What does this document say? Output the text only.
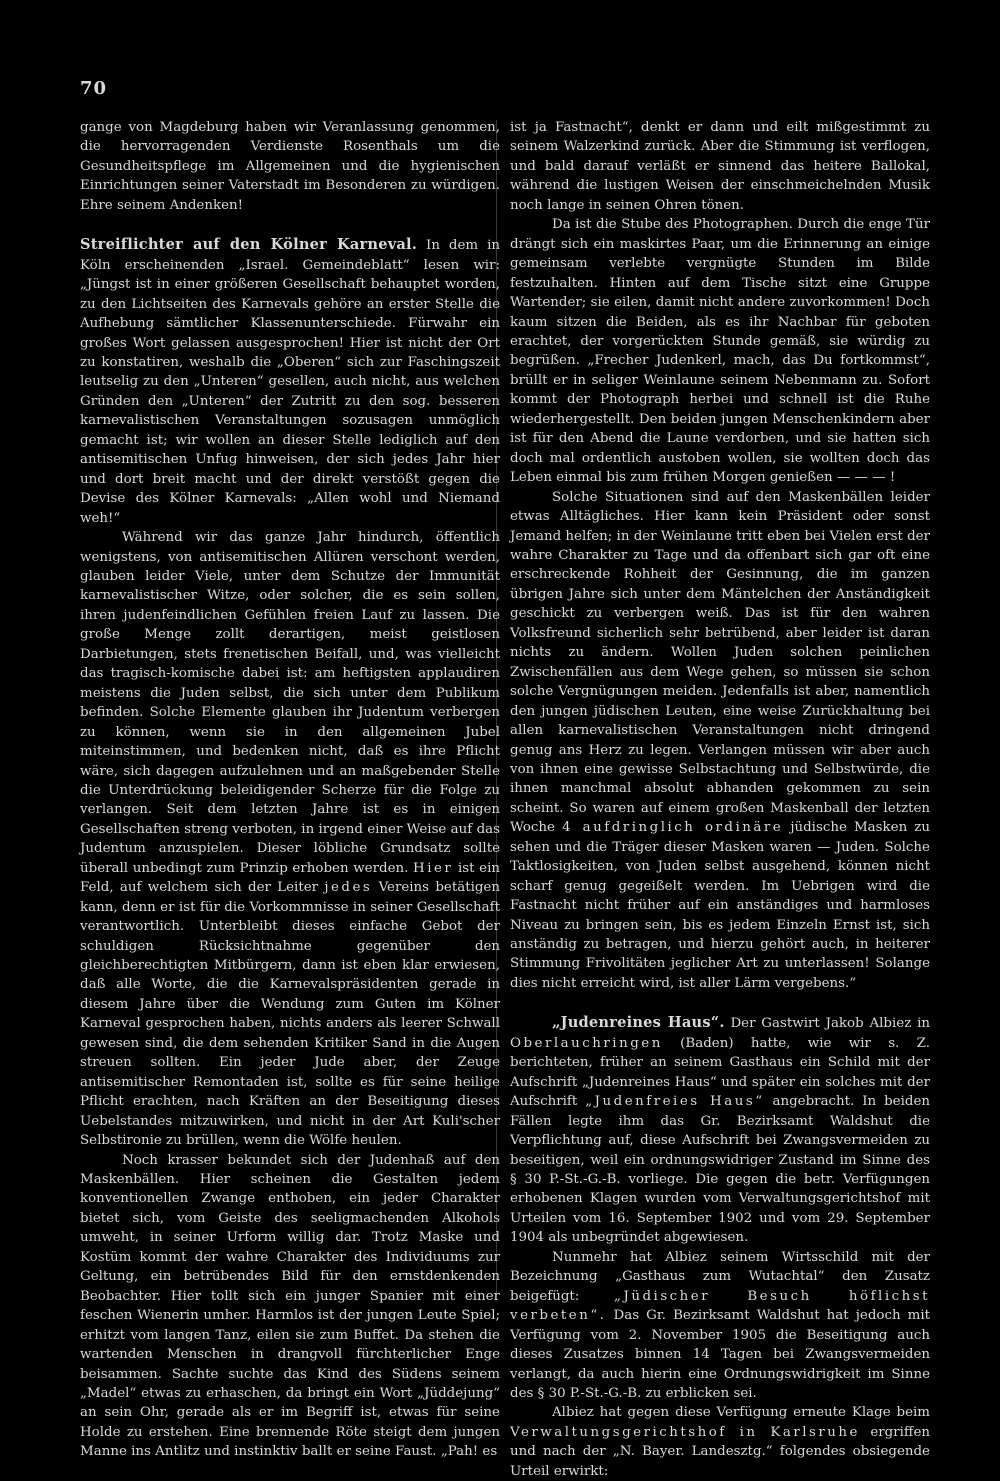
70

gange von Magdeburg haben wir Veranlassung genommen, die hervorragenden Verdienste Rosenthals um die Gesundheitspflege im Allgemeinen und die hygienischen Einrichtungen seiner Vaterstadt im Besonderen zu würdigen. Ehre seinem Andenken!

Streiflichter auf den Kölner Karneval. In dem in Köln erscheinenden „Israel. Gemeindeblatt“ lesen wir: „Jüngst ist in einer größeren Gesellschaft behauptet worden, zu den Lichtseiten des Karnevals gehöre an erster Stelle die Aufhebung sämtlicher Klassenunterschiede. Fürwahr ein großes Wort gelassen ausgesprochen! Hier ist nicht der Ort zu konstatiren, weshalb die „Oberen“ sich zur Faschingszeit leutselig zu den „Unteren“ gesellen, auch nicht, aus welchen Gründen den „Unteren“ der Zutritt zu den sog. besseren karnevalistischen Veranstaltungen sozusagen unmöglich gemacht ist; wir wollen an dieser Stelle lediglich auf den antisemitischen Unfug hinweisen, der sich jedes Jahr hier und dort breit macht und der direkt verstößt gegen die Devise des Kölner Karnevals: „Allen wohl und Niemand weh!“

Während wir das ganze Jahr hindurch, öffentlich wenigstens, von antisemitischen Allüren verschont werden, glauben leider Viele, unter dem Schutze der Immunität karnevalistischer Witze, oder solcher, die es sein sollen, ihren judenfeindlichen Gefühlen freien Lauf zu lassen. Die große Menge zollt derartigen, meist geistlosen Darbietungen, stets frenetischen Beifall, und, was vielleicht das tragisch-komische dabei ist: am heftigsten applaudiren meistens die Juden selbst, die sich unter dem Publikum befinden. Solche Elemente glauben ihr Judentum verbergen zu können, wenn sie in den allgemeinen Jubel miteinstimmen, und bedenken nicht, daß es ihre Pflicht wäre, sich dagegen aufzulehnen und an maßgebender Stelle die Unterdrückung beleidigender Scherze für die Folge zu verlangen. Seit dem letzten Jahre ist es in einigen Gesellschaften streng verboten, in irgend einer Weise auf das Judentum anzuspielen. Dieser löbliche Grundsatz sollte überall unbedingt zum Prinzip erhoben werden. Hier ist ein Feld, auf welchem sich der Leiter jedes Vereins betätigen kann, denn er ist für die Vorkommnisse in seiner Gesellschaft verantwortlich. Unterbleibt dieses einfache Gebot der schuldigen Rücksichtnahme gegenüber den gleichberechtigten Mitbürgern, dann ist eben klar erwiesen, daß alle Worte, die die Karnevalspräsidenten gerade in diesem Jahre über die Wendung zum Guten im Kölner Karneval gesprochen haben, nichts anders als leerer Schwall gewesen sind, die dem sehenden Kritiker Sand in die Augen streuen sollten. Ein jeder Jude aber, der Zeuge antisemitischer Remontaden ist, sollte es für seine heilige Pflicht erachten, nach Kräften an der Beseitigung dieses Uebelstandes mitzuwirken, und nicht in der Art Kuli'scher Selbstironie zu brüllen, wenn die Wölfe heulen.

Noch krasser bekundet sich der Judenhaß auf den Maskenbällen. Hier scheinen die Gestalten jedem konventionellen Zwange enthoben, ein jeder Charakter bietet sich, vom Geiste des seeligmachenden Alkohols umweht, in seiner Urform willig dar. Trotz Maske und Kostüm kommt der wahre Charakter des Individuums zur Geltung, ein betrübendes Bild für den ernstdenkenden Beobachter. Hier tollt sich ein junger Spanier mit einer feschen Wienerin umher. Harmlos ist der jungen Leute Spiel; erhitzt vom langen Tanz, eilen sie zum Buffet. Da stehen die wartenden Menschen in drangvoll fürchterlicher Enge beisammen. Sachte suchte das Kind des Südens seinem „Madel“ etwas zu erhaschen, da bringt ein Wort „Jüddejung“ an sein Ohr, gerade als er im Begriff ist, etwas für seine Holde zu erstehen. Eine brennende Röte steigt dem jungen Manne ins Antlitz und instinktiv ballt er seine Faust. „Pah! es

ist ja Fastnacht“, denkt er dann und eilt mißgestimmt zu seinem Walzerkind zurück. Aber die Stimmung ist verflogen, und bald darauf verläßt er sinnend das heitere Ballokal, während die lustigen Weisen der einschmeichelnden Musik noch lange in seinen Ohren tönen.

Da ist die Stube des Photographen. Durch die enge Tür drängt sich ein maskirtes Paar, um die Erinnerung an einige gemeinsam verlebte vergnügte Stunden im Bilde festzuhalten. Hinten auf dem Tische sitzt eine Gruppe Wartender; sie eilen, damit nicht andere zuvorkommen! Doch kaum sitzen die Beiden, als es ihr Nachbar für geboten erachtet, der vorgerückten Stunde gemäß, sie würdig zu begrüßen. „Frecher Judenkerl, mach, das Du fortkommst“, brüllt er in seliger Weinlaune seinem Nebenmann zu. Sofort kommt der Photograph herbei und schnell ist die Ruhe wiederhergestellt. Den beiden jungen Menschenkindern aber ist für den Abend die Laune verdorben, und sie hatten sich doch mal ordentlich austoben wollen, sie wollten doch das Leben einmal bis zum frühen Morgen genießen — — — !

Solche Situationen sind auf den Maskenbällen leider etwas Alltägliches. Hier kann kein Präsident oder sonst Jemand helfen; in der Weinlaune tritt eben bei Vielen erst der wahre Charakter zu Tage und da offenbart sich gar oft eine erschreckende Rohheit der Gesinnung, die im ganzen übrigen Jahre sich unter dem Mäntelchen der Anständigkeit geschickt zu verbergen weiß. Das ist für den wahren Volksfreund sicherlich sehr betrübend, aber leider ist daran nichts zu ändern. Wollen Juden solchen peinlichen Zwischenfällen aus dem Wege gehen, so müssen sie schon solche Vergnügungen meiden. Jedenfalls ist aber, namentlich den jungen jüdischen Leuten, eine weise Zurückhaltung bei allen karnevalistischen Veranstaltungen nicht dringend genug ans Herz zu legen. Verlangen müssen wir aber auch von ihnen eine gewisse Selbstachtung und Selbstwürde, die ihnen manchmal absolut abhanden gekommen zu sein scheint. So waren auf einem großen Maskenball der letzten Woche 4 aufdringlich ordinäre jüdische Masken zu sehen und die Träger dieser Masken waren — Juden. Solche Taktlosigkeiten, von Juden selbst ausgehend, können nicht scharf genug gegeißelt werden. Im Uebrigen wird die Fastnacht nicht früher auf ein anständiges und harmloses Niveau zu bringen sein, bis es jedem Einzeln Ernst ist, sich anständig zu betragen, und hierzu gehört auch, in heiterer Stimmung Frivolitäten jeglicher Art zu unterlassen! Solange dies nicht erreicht wird, ist aller Lärm vergebens.“

„Judenreines Haus“. Der Gastwirt Jakob Albiez in Oberlauchringen (Baden) hatte, wie wir s. Z. berichteten, früher an seinem Gasthaus ein Schild mit der Aufschrift „Judenreines Haus“ und später ein solches mit der Aufschrift „Judenfreies Haus“ angebracht. In beiden Fällen legte ihm das Gr. Bezirksamt Waldshut die Verpflichtung auf, diese Aufschrift bei Zwangsvermeiden zu beseitigen, weil ein ordnungswidriger Zustand im Sinne des § 30 P.-St.-G.-B. vorliege. Die gegen die betr. Verfügungen erhobenen Klagen wurden vom Verwaltungsgerichtshof mit Urteilen vom 16. September 1902 und vom 29. September 1904 als unbegründet abgewiesen.

Nunmehr hat Albiez seinem Wirtsschild mit der Bezeichnung „Gasthaus zum Wutachtal“ den Zusatz beigefügt:	„Jüdischer Besuch höflichst verbeten“. Das Gr. Bezirksamt Waldshut hat jedoch mit Verfügung vom 2. November 1905 die Beseitigung auch dieses Zusatzes binnen 14 Tagen bei Zwangsvermeiden verlangt, da auch hierin eine Ordnungswidrigkeit im Sinne des § 30 P.-St.-G.-B. zu erblicken sei.

Albiez hat gegen diese Verfügung erneute Klage beim Verwaltungsgerichtshof in Karlsruhe ergriffen und nach der „N. Bayer. Landesztg.“ folgendes obsiegende Urteil erwirkt:
